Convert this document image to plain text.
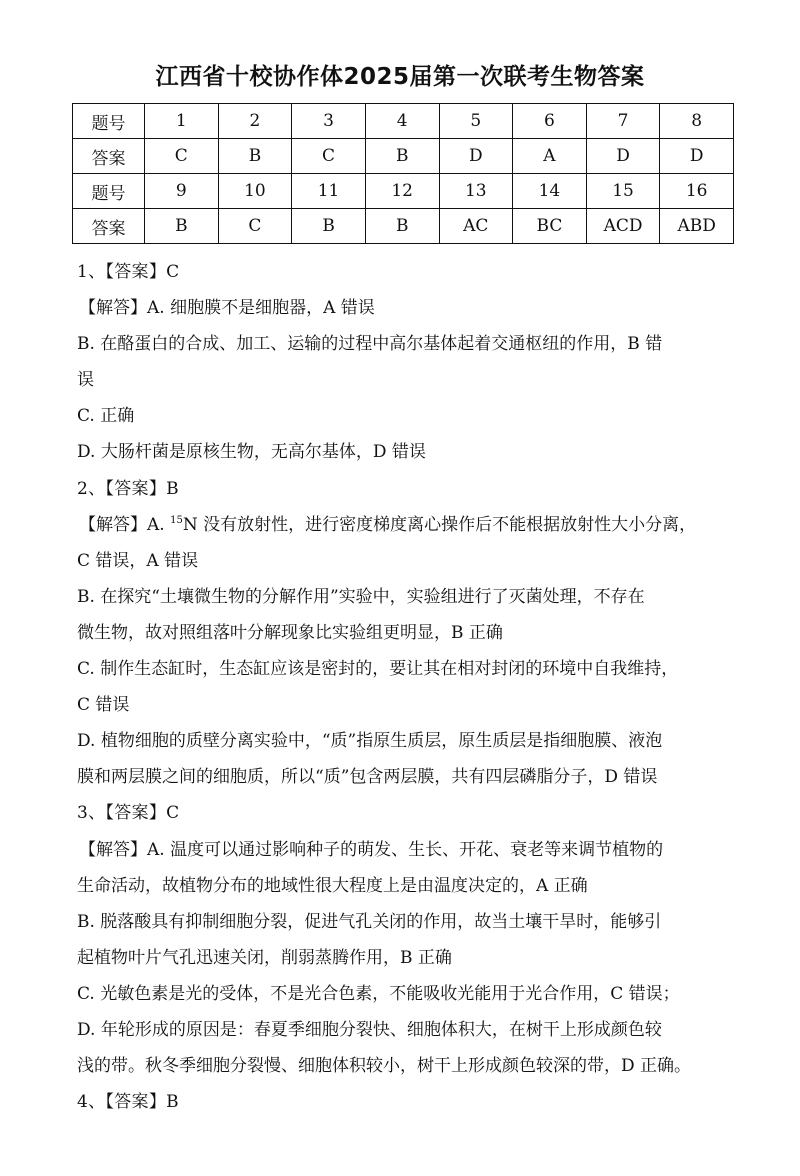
江西省十校协作体2025届第一次联考生物答案
题号	1	2	3	4	5	6	7	8
答案	C	B	C	B	D	A	D	D
题号	9	10	11	12	13	14	15	16
答案	B	C	B	B	AC	BC	ACD	ABD
1、【答案】C
【解答】A. 细胞膜不是细胞器，A 错误
B. 在酪蛋白的合成、加工、运输的过程中高尔基体起着交通枢纽的作用，B 错
误
C. 正确
D. 大肠杆菌是原核生物，无高尔基体，D 错误
2、【答案】B
【解答】A. $^{15}$N 没有放射性，进行密度梯度离心操作后不能根据放射性大小分离，
C 错误，A 错误
B. 在探究“土壤微生物的分解作用”实验中，实验组进行了灭菌处理，不存在
微生物，故对照组落叶分解现象比实验组更明显，B 正确
C. 制作生态缸时，生态缸应该是密封的，要让其在相对封闭的环境中自我维持，
C 错误
D. 植物细胞的质壁分离实验中，“质”指原生质层，原生质层是指细胞膜、液泡
膜和两层膜之间的细胞质，所以“质”包含两层膜，共有四层磷脂分子，D 错误
3、【答案】C
【解答】A. 温度可以通过影响种子的萌发、生长、开花、衰老等来调节植物的
生命活动，故植物分布的地域性很大程度上是由温度决定的，A 正确
B. 脱落酸具有抑制细胞分裂，促进气孔关闭的作用，故当土壤干旱时，能够引
起植物叶片气孔迅速关闭，削弱蒸腾作用，B 正确
C. 光敏色素是光的受体，不是光合色素，不能吸收光能用于光合作用，C 错误；
D. 年轮形成的原因是：春夏季细胞分裂快、细胞体积大，在树干上形成颜色较
浅的带。秋冬季细胞分裂慢、细胞体积较小，树干上形成颜色较深的带，D 正确。
4、【答案】B
